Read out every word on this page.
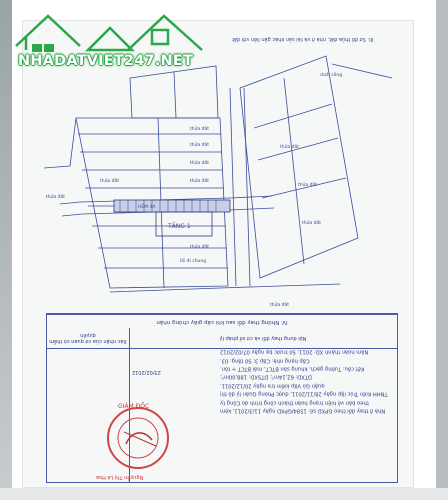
NHADATVIET247.NET
III. Sơ đồ thửa đất, nhà ở và tài sản khác gắn liền với đất
TẦNG 1
HẺM 4A
thửa đất
thửa đất
thửa đất
thửa đất
thửa đất
thửa đất
thửa đất
thửa đất
thửa đất
thửa đất
thửa đất
lối đi chung
dưới công
IV. Những thay đổi sau khi cấp giấy chứng nhận
Xác nhận của cơ quan có thẩm quyền	Nội dung thay đổi và cơ sở pháp lý
23/02/2012
Nhà ở thay đổi theo GPXD số: 1584/GPXD ngày 11/3/2011, kèm
theo bản vẽ hiện trạng hoàn thành công trình do Công ty
TNHH Kiến Trúc lập ngày 28/11/2011, được Phòng Quản lý đô thị
quận Gò Vấp kiểm tra ngày 20/12/2011.
DTXD: 62,14m²; DTSXD: 188,00m²;
Kết cấu: Tường gạch, khung sàn BTCT, mái BTCT + tôn.
Cấp hạng nhà: Cấp 3; Số tầng: 03.
Năm hoàn thành XD: 2011; Số trước bạ ngày 07/02/2012
GIÁM ĐỐC
Nguyễn Thị Lê Hoa
